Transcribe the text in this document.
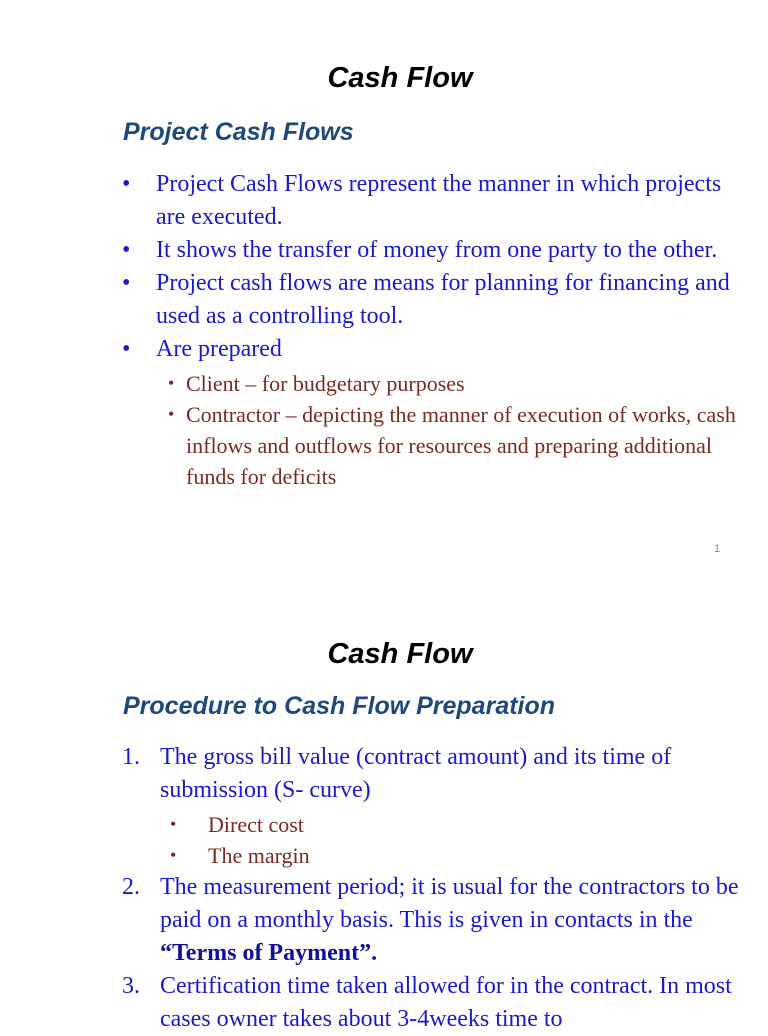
Cash Flow
Project Cash Flows
•	Project Cash Flows represent the manner in which projects are executed.
•	It shows the transfer of money from one party to the other.
•	Project cash flows are means for planning for financing and used as a controlling tool.
•	Are prepared
• Client – for budgetary purposes
• Contractor – depicting the manner of execution of works, cash inflows and outflows for resources and preparing additional funds for deficits
1
Cash Flow
Procedure to Cash Flow Preparation
1. The gross bill value (contract amount) and its time of submission (S- curve)
•	Direct cost
•	The margin
2. The measurement period; it is usual for the contractors to be paid on a monthly basis. This is given in contacts in the “Terms of Payment”.
3. Certification time taken allowed for in the contract. In most cases owner takes about 3-4weeks time to
